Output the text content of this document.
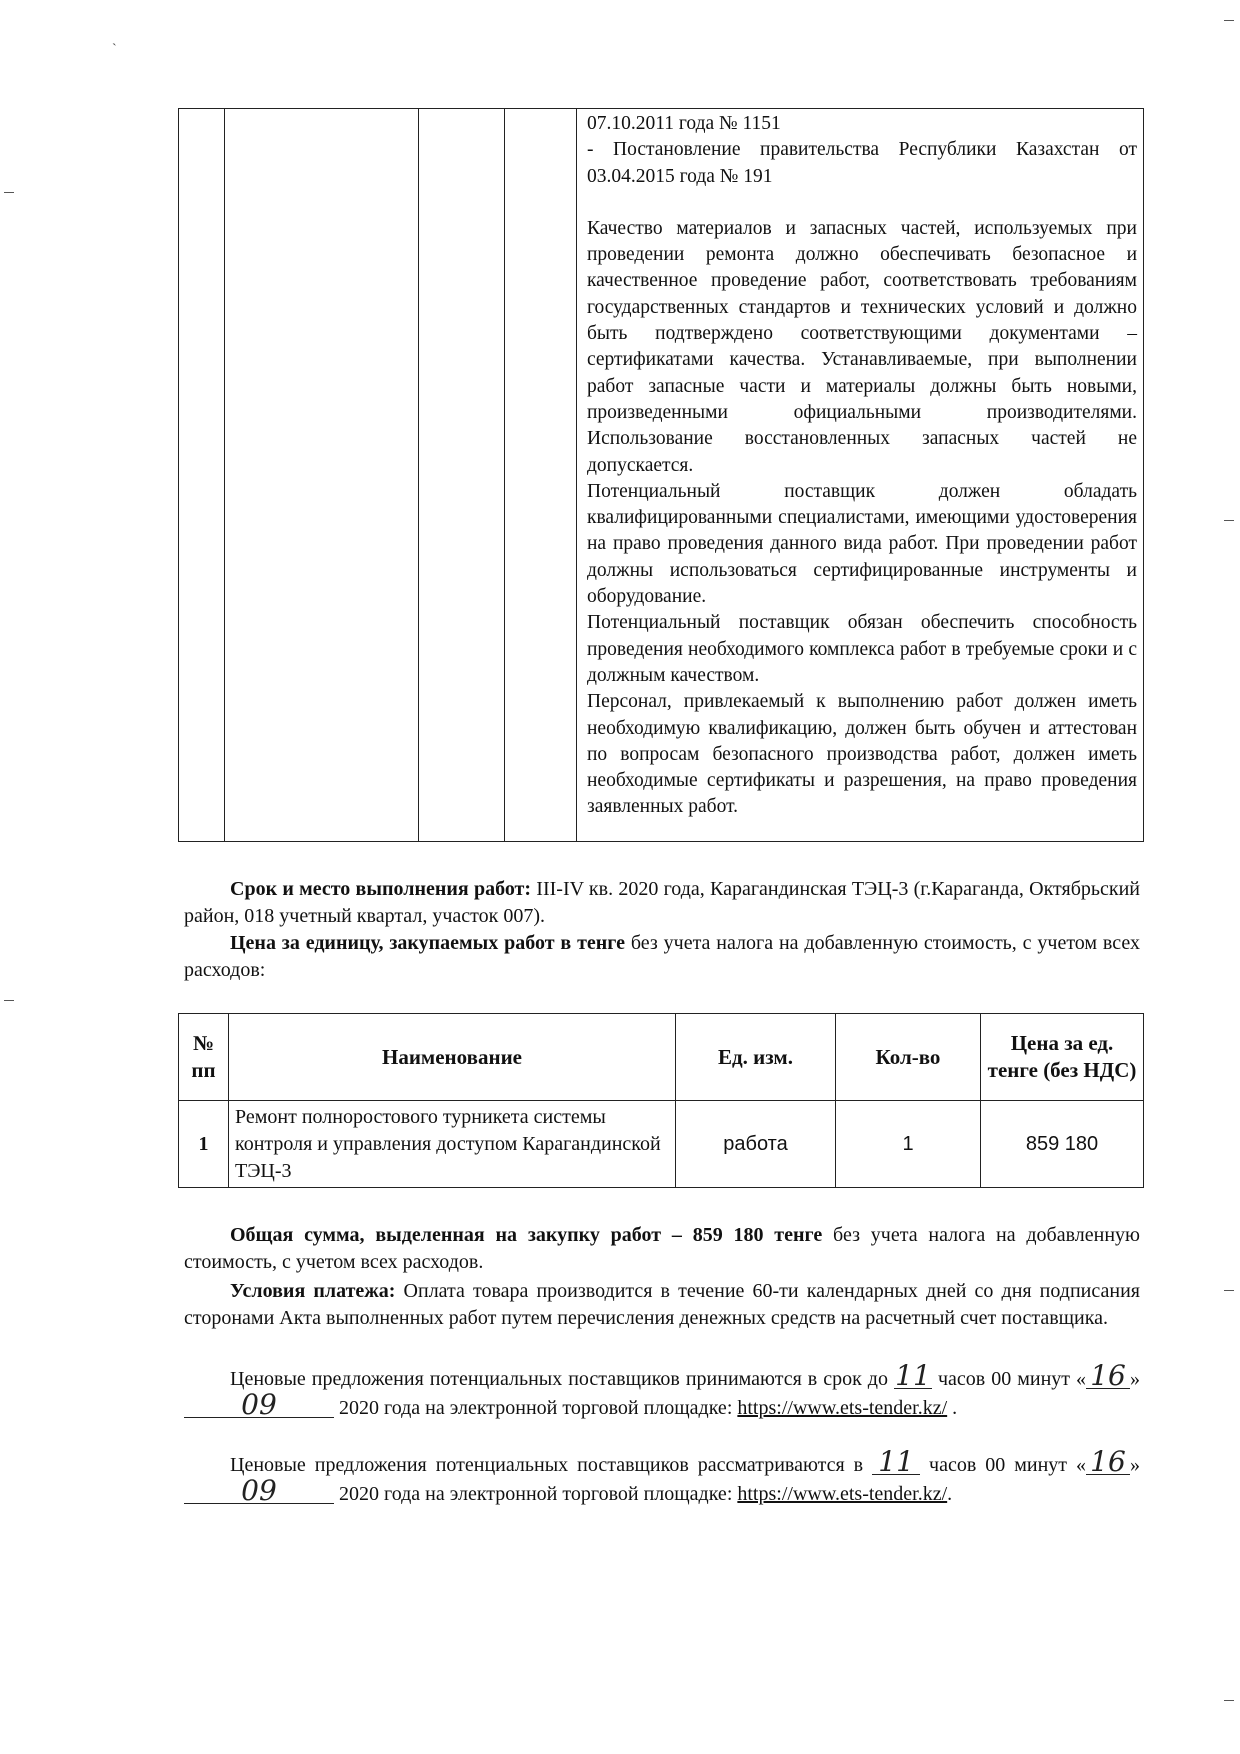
`

07.10.2011 года № 1151

- Постановление правительства Республики Казахстан от 03.04.2015 года № 191

Качество материалов и запасных частей, используемых при проведении ремонта должно обеспечивать безопасное и качественное проведение работ, соответствовать требованиям государственных стандартов и технических условий и должно быть подтверждено соответствующими документами – сертификатами качества. Устанавливаемые, при выполнении работ запасные части и материалы должны быть новыми, произведенными официальными производителями. Использование восстановленных запасных частей не допускается.

Потенциальный поставщик должен обладать квалифицированными специалистами, имеющими удостоверения на право проведения данного вида работ. При проведении работ должны использоваться сертифицированные инструменты и оборудование.

Потенциальный поставщик обязан обеспечить способность проведения необходимого комплекса работ в требуемые сроки и с должным качеством.

Персонал, привлекаемый к выполнению работ должен иметь необходимую квалификацию, должен быть обучен и аттестован по вопросам безопасного производства работ, должен иметь необходимые сертификаты и разрешения, на право проведения заявленных работ.

Срок и место выполнения работ: III-IV кв. 2020 года, Карагандинская ТЭЦ-3 (г.Караганда, Октябрьский район, 018 учетный квартал, участок 007).
Цена за единицу, закупаемых работ в тенге без учета налога на добавленную стоимость, с учетом всех расходов:
№ пп	Наименование	Ед. изм.	Кол-во	Цена за ед. тенге (без НДС)
1	Ремонт полноростового турникета системы контроля и управления доступом Карагандинской ТЭЦ-3	работа	1	859 180
Общая сумма, выделенная на закупку работ – 859 180 тенге без учета налога на добавленную стоимость, с учетом всех расходов.
Условия платежа: Оплата товара производится в течение 60-ти календарных дней со дня подписания сторонами Акта выполненных работ путем перечисления денежных средств на расчетный счет поставщика.
Ценовые предложения потенциальных поставщиков принимаются в срок до 11 часов 00 минут « 16 » 09	2020 года на электронной торговой площадке: https://www.ets-tender.kz/ .
Ценовые предложения потенциальных поставщиков рассматриваются в 11 часов 00 минут « 16 » 09	2020 года на электронной торговой площадке: https://www.ets-tender.kz/.
